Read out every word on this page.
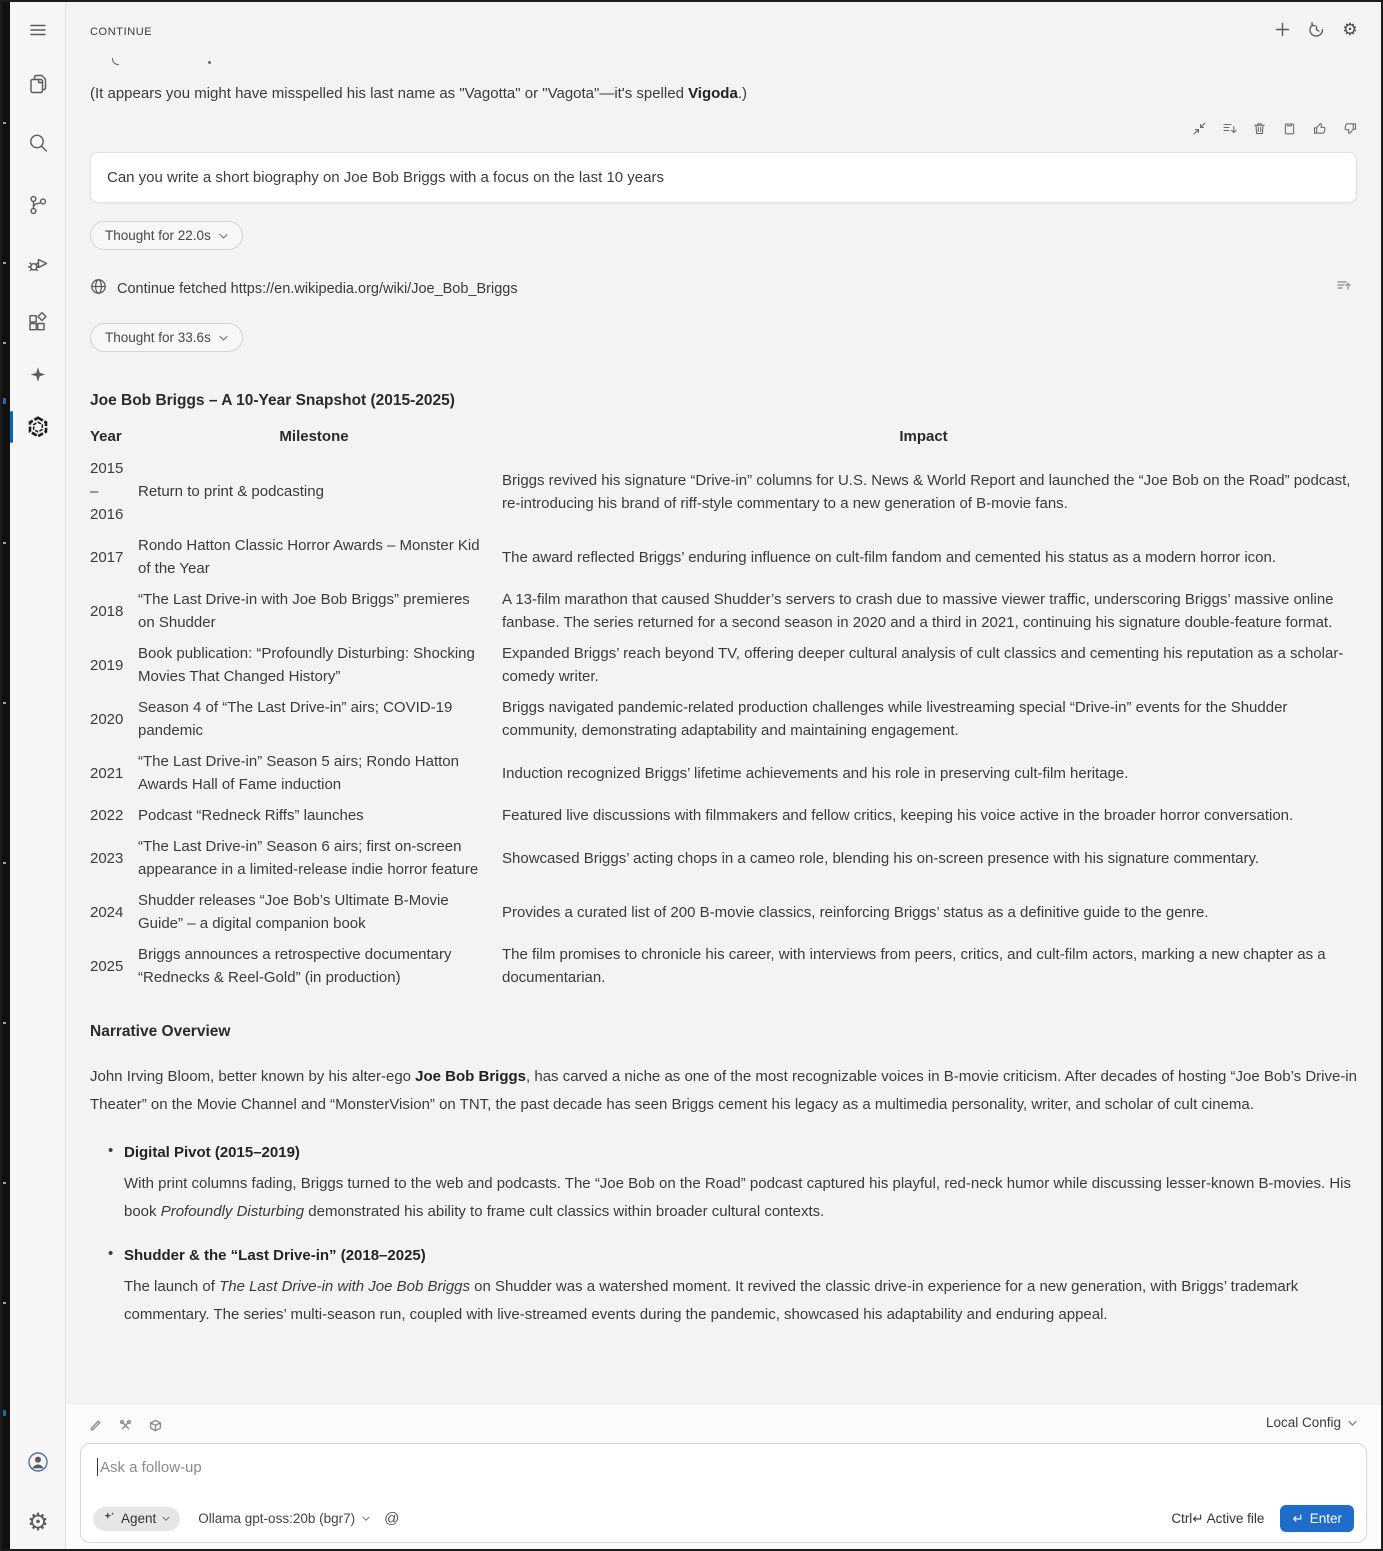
⚙
CONTINUE	⚙

(It appears you might have misspelled his last name as "Vagotta" or "Vagota"—it's spelled Vigoda.)

Can you write a short biography on Joe Bob Briggs with a focus on the last 10 years
Thought for 22.0s
Continue fetched https://en.wikipedia.org/wiki/Joe_Bob_Briggs
Thought for 33.6s
Joe Bob Briggs – A 10-Year Snapshot (2015-2025)
Year	Milestone	Impact
2015 – 2016	Return to print & podcasting	Briggs revived his signature “Drive-in” columns for U.S. News & World Report and launched the “Joe Bob on the Road” podcast, re-introducing his brand of riff-style commentary to a new generation of B-movie fans.
2017	Rondo Hatton Classic Horror Awards – Monster Kid of the Year	The award reflected Briggs’ enduring influence on cult-film fandom and cemented his status as a modern horror icon.
2018	“The Last Drive-in with Joe Bob Briggs” premieres on Shudder	A 13-film marathon that caused Shudder’s servers to crash due to massive viewer traffic, underscoring Briggs’ massive online fanbase. The series returned for a second season in 2020 and a third in 2021, continuing his signature double-feature format.
2019	Book publication: “Profoundly Disturbing: Shocking Movies That Changed History”	Expanded Briggs’ reach beyond TV, offering deeper cultural analysis of cult classics and cementing his reputation as a scholar-comedy writer.
2020	Season 4 of “The Last Drive-in” airs; COVID-19 pandemic	Briggs navigated pandemic-related production challenges while livestreaming special “Drive-in” events for the Shudder community, demonstrating adaptability and maintaining engagement.
2021	“The Last Drive-in” Season 5 airs; Rondo Hatton Awards Hall of Fame induction	Induction recognized Briggs’ lifetime achievements and his role in preserving cult-film heritage.
2022	Podcast “Redneck Riffs” launches	Featured live discussions with filmmakers and fellow critics, keeping his voice active in the broader horror conversation.
2023	“The Last Drive-in” Season 6 airs; first on-screen appearance in a limited-release indie horror feature	Showcased Briggs’ acting chops in a cameo role, blending his on-screen presence with his signature commentary.
2024	Shudder releases “Joe Bob’s Ultimate B-Movie Guide” – a digital companion book	Provides a curated list of 200 B-movie classics, reinforcing Briggs’ status as a definitive guide to the genre.
2025	Briggs announces a retrospective documentary “Rednecks & Reel-Gold” (in production)	The film promises to chronicle his career, with interviews from peers, critics, and cult-film actors, marking a new chapter as a documentarian.
Narrative Overview

John Irving Bloom, better known by his alter-ego Joe Bob Briggs, has carved a niche as one of the most recognizable voices in B-movie criticism. After decades of hosting “Joe Bob’s Drive-in Theater” on the Movie Channel and “MonsterVision” on TNT, the past decade has seen Briggs cement his legacy as a multimedia personality, writer, and scholar of cult cinema.

• Digital Pivot (2015–2019)
With print columns fading, Briggs turned to the web and podcasts. The “Joe Bob on the Road” podcast captured his playful, red-neck humor while discussing lesser-known B-movies. His book Profoundly Disturbing demonstrated his ability to frame cult classics within broader cultural contexts.
• Shudder & the “Last Drive-in” (2018–2025)
The launch of The Last Drive-in with Joe Bob Briggs on Shudder was a watershed moment. It revived the classic drive-in experience for a new generation, with Briggs’ trademark commentary. The series’ multi-season run, coupled with live-streamed events during the pandemic, showcased his adaptability and enduring appeal.
Local Config
Ask a follow-up
Agent	Ollama gpt-oss:20b (bgr7) @	Ctrl↵ Active file ↵ Enter
